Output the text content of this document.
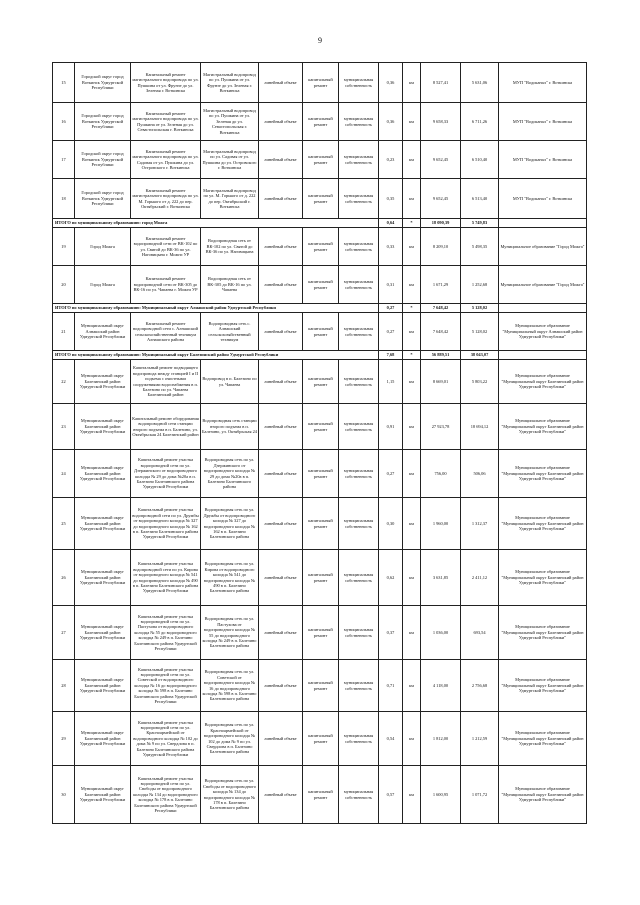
9
15	Городской округ город Воткинск Удмуртской Республики	Капитальный ремонт магистрального водопровода по ул. Пушкина от ул. Фрунзе до ул. Зеленая г. Воткинска	Магистральный водопровод по ул. Пушкина от ул. Фрунзе до ул. Зеленая г. Воткинска	линейный объект	капитальный ремонт	муниципальная собственность	0,36	км	8 527,41	5 631,06	МУП "Водоканал" г. Воткинска
16	Городской округ город Воткинск Удмуртской Республики	Капитальный ремонт магистрального водопровода по ул. Пушкина от ул. Зеленая до ул. Севастопольская г. Воткинска	Магистральный водопровод по ул. Пушкина от ул. Зеленая до ул. Севастопольская г. Воткинска	линейный объект	капитальный ремонт	муниципальная собственность	0,36	км	9 658,33	6 711,26	МУП "Водоканал" г. Воткинска
17	Городской округ город Воткинск Удмуртской Республики	Капитальный ремонт магистрального водопровода по ул. Садовая от ул. Пушкина до ул. Островского г. Воткинска	Магистральный водопровод по ул. Садовая от ул. Пушкина до ул. Островского г. Воткинска	линейный объект	капитальный ремонт	муниципальная собственность	0,23	км	9 652,45	6 510,40	МУП "Водоканал" г. Воткинска
18	Городской округ город Воткинск Удмуртской Республики	Капитальный ремонт магистрального водопровода по ул. М. Горького от д. 222 до пер. Октябрьский г. Воткинска	Магистральный водопровод по ул. М. Горького от д. 222 до пер. Октябрьский г. Воткинска	линейный объект	капитальный ремонт	муниципальная собственность	0,35	км	9 652,45	6 513,40	МУП "Водоканал" г. Воткинска
ИТОГО по муниципальному образованию: город Можга							0,64	*	18 090,39	5 749,83	
19	Город Можга	Капитальный ремонт водопроводной сети от ВК-102 по ул. Святой до ВК-36 по ул. Наговицына г. Можги УР	Водопроводная сеть от ВК-102 по ул. Святой до ВК-36 по ул. Наговицына	линейный объект	капитальный ремонт	муниципальная собственность	0,33	км	8 209,10	5 498,35	Муниципальное образование "Город Можга"
20	Город Можга	Капитальный ремонт водопроводной сети от ВК-305 до ВК-16 по ул. Чапаева г. Можги УР	Водопроводная сеть от ВК-305 до ВК-16 по ул. Чапаева	линейный объект	капитальный ремонт	муниципальная собственность	0,31	км	1 671,29	1 252,68	Муниципальное образование "Город Можга"
ИТОГО по муниципальному образованию: Муниципальный округ Алнашский район Удмуртской Республики							0,27	*	7 648,42	5 128,02	
21	Муниципальный округ Алнашский район Удмуртской Республики	Капитальный ремонт водопроводной сети с. Алнашский сельскохозяйственный техникум Алнашского района	Водопроводная сеть с. Алнашский сельскохозяйственный техникум	линейный объект	капитальный ремонт	муниципальная собственность	0,27	км	7 648,42	5 128,02	Муниципальное образование "Муниципальный округ Алнашский район Удмуртской Республики"
ИТОГО по муниципальному образованию: Муниципальный округ Балезинский район Удмуртской Республики							7,68	*	56 889,51	38 043,07	
22	Муниципальный округ Балезинский район Удмуртской Республики	Капитальный ремонт подводящего водопровода между станцией I и II подъема с очистными сооружениями водоснабжения в п. Балезино по ул. Чапаева Балезинский район	Водопровод в п. Балезино по ул. Чапаева	линейный объект	капитальный ремонт	муниципальная собственность	1,15	км	8 669,01	5 803,22	Муниципальное образование "Муниципальный округ Балезинский район Удмуртской Республики"
23	Муниципальный округ Балезинский район Удмуртской Республики	Капитальный ремонт оборудования водопроводной сети станции второго подъема в п. Балезино, ул. Октябрьская 24 Балезинский район	Водопроводная сеть станции второго подъема в п. Балезино, ул. Октябрьская 24	линейный объект	капитальный ремонт	муниципальная собственность	0,91	км	27 923,78	18 694,12	Муниципальное образование "Муниципальный округ Балезинский район Удмуртской Республики"
24	Муниципальный округ Балезинский район Удмуртской Республики	Капитальный ремонт участка водопроводной сети по ул. Дзержинского от водопроводного колодца № 29 до дома №20а в п. Балезино Балезинского района Удмуртской Республики	Водопроводная сеть по ул. Дзержинского от водопроводного колодца № 29 до дома №20а в п. Балезино Балезинского района	линейный объект	капитальный ремонт	муниципальная собственность	0,27	км	756,00	506,06	Муниципальное образование "Муниципальный округ Балезинский район Удмуртской Республики"
25	Муниципальный округ Балезинский район Удмуртской Республики	Капитальный ремонт участка водопроводной сети по ул. Дружбы от водопроводного колодца № 327 до водопроводного колодца № 162 в п. Балезино Балезинского района Удмуртской Республики	Водопроводная сеть по ул. Дружбы от водопроводного колодца № 327 до водопроводного колодца № 162 в п. Балезино Балезинского района	линейный объект	капитальный ремонт	муниципальная собственность	0,30	км	1 960,00	1 312,37	Муниципальное образование "Муниципальный округ Балезинский район Удмуртской Республики"
26	Муниципальный округ Балезинский район Удмуртской Республики	Капитальный ремонт участка водопроводной сети по ул. Кирова от водопроводного колодца № 541 до водопроводного колодца № 490 в п. Балезино Балезинского района Удмуртской Республики	Водопроводная сеть по ул. Кирова от водопроводного колодца № 541 до водопроводного колодца № 490 в п. Балезино Балезинского района	линейный объект	капитальный ремонт	муниципальная собственность	0,62	км	3 631,85	2 411,12	Муниципальное образование "Муниципальный округ Балезинский район Удмуртской Республики"
27	Муниципальный округ Балезинский район Удмуртской Республики	Капитальный ремонт участка водопроводной сети по ул. Пастухова от водопроводного колодца № 55 до водопроводного колодца № 249 в п. Балезино Балезинского района Удмуртской Республики	Водопроводная сеть по ул. Пастухова от водопроводного колодца № 55 до водопроводного колодца № 249 в п. Балезино Балезинского района	линейный объект	капитальный ремонт	муниципальная собственность	0,37	км	1 036,00	693,54	Муниципальное образование "Муниципальный округ Балезинский район Удмуртской Республики"
28	Муниципальный округ Балезинский район Удмуртской Республики	Капитальный ремонт участка водопроводной сети по ул. Советской от водопроводного колодца № 16 до водопроводного колодца № 598 в п. Балезино Балезинского района Удмуртской Республики	Водопроводная сеть по ул. Советской от водопроводного колодца № 16 до водопроводного колодца № 598 в п. Балезино Балезинского района	линейный объект	капитальный ремонт	муниципальная собственность	0,71	км	4 118,00	2 756,68	Муниципальное образование "Муниципальный округ Балезинский район Удмуртской Республики"
29	Муниципальный округ Балезинский район Удмуртской Республики	Капитальный ремонт участка водопроводной сети по ул. Красноармейской от водопроводного колодца № 102 до дома № 9 по ул. Свердлова в п. Балезино Балезинского района Удмуртской Республики	Водопроводная сеть по ул. Красноармейской от водопроводного колодца № 102 до дома № 9 по ул. Свердлова в п. Балезино Балезинского района	линейный объект	капитальный ремонт	муниципальная собственность	0,54	км	1 812,00	1 212,59	Муниципальное образование "Муниципальный округ Балезинский район Удмуртской Республики"
30	Муниципальный округ Балезинский район Удмуртской Республики	Капитальный ремонт участка водопроводной сети по ул. Свободы от водопроводного колодца № 134 до водопроводного колодца № 178 в п. Балезино Балезинского района Удмуртской Республики	Водопроводная сеть по ул. Свободы от водопроводного колодца № 134 до водопроводного колодца № 178 в п. Балезино Балезинского района	линейный объект	капитальный ремонт	муниципальная собственность	0,57	км	1 600,95	1 071,72	Муниципальное образование "Муниципальный округ Балезинский район Удмуртской Республики"
